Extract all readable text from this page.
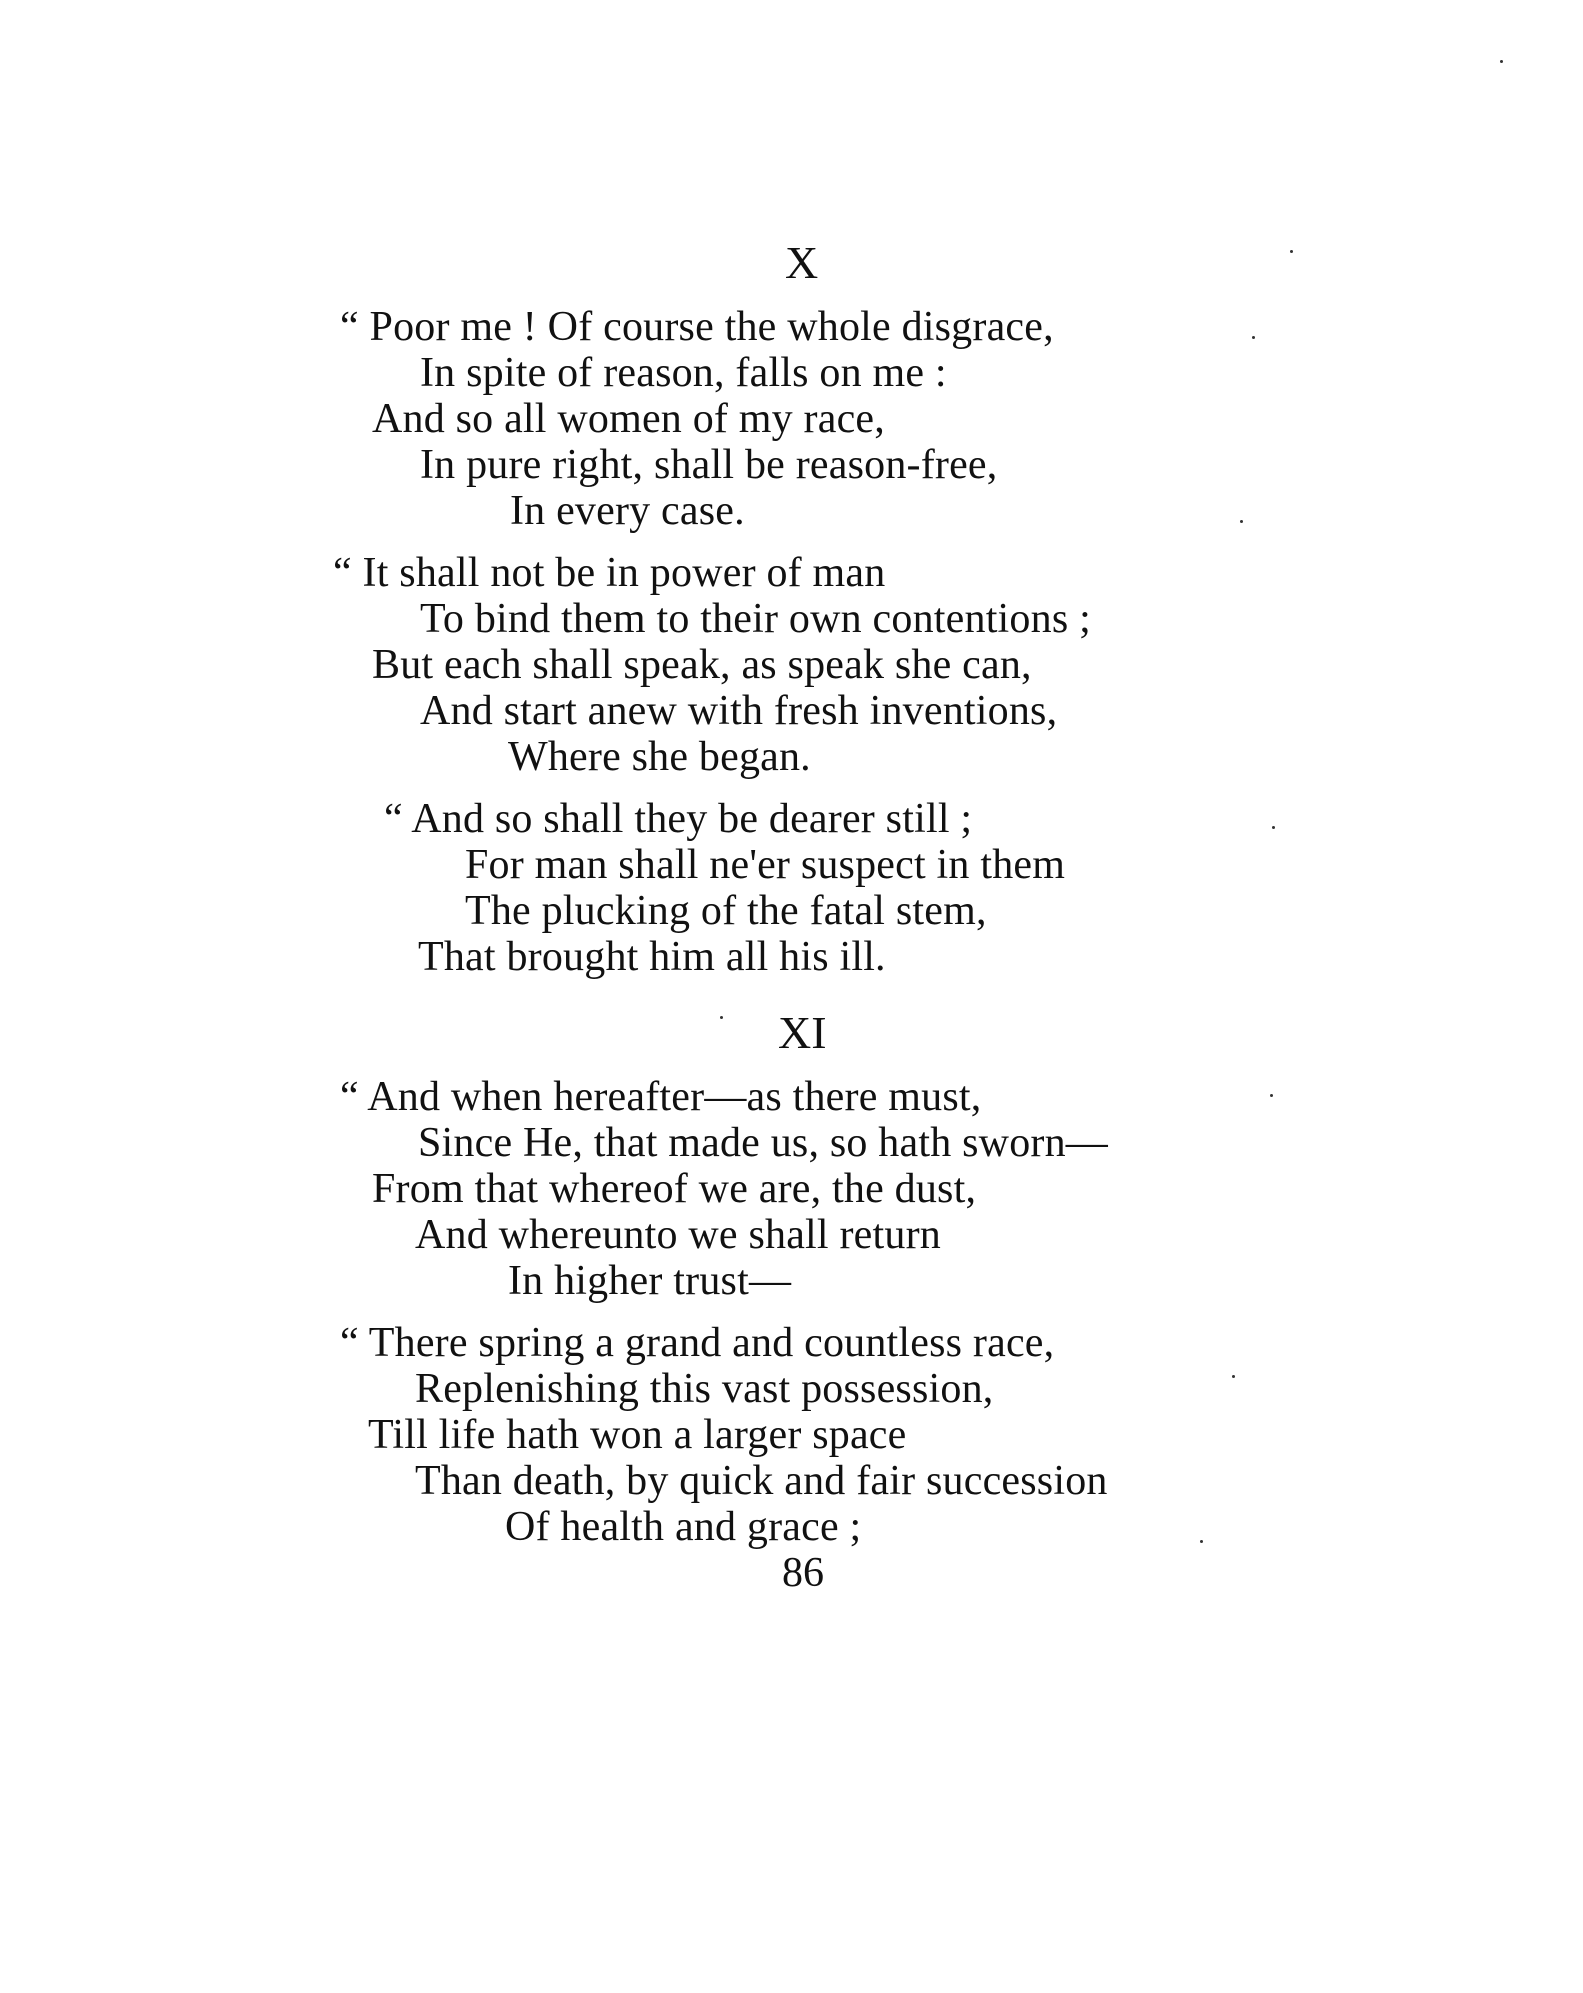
X
“ Poor me ! Of course the whole disgrace,
In spite of reason, falls on me :
And so all women of my race,
In pure right, shall be reason-free,
In every case.
“ It shall not be in power of man
To bind them to their own contentions ;
But each shall speak, as speak she can,
And start anew with fresh inventions,
Where she began.
“ And so shall they be dearer still ;
For man shall ne'er suspect in them
The plucking of the fatal stem,
That brought him all his ill.
XI
“ And when hereafter—as there must,
Since He, that made us, so hath sworn—
From that whereof we are, the dust,
And whereunto we shall return
In higher trust—
“ There spring a grand and countless race,
Replenishing this vast possession,
Till life hath won a larger space
Than death, by quick and fair succession
Of health and grace ;
86
